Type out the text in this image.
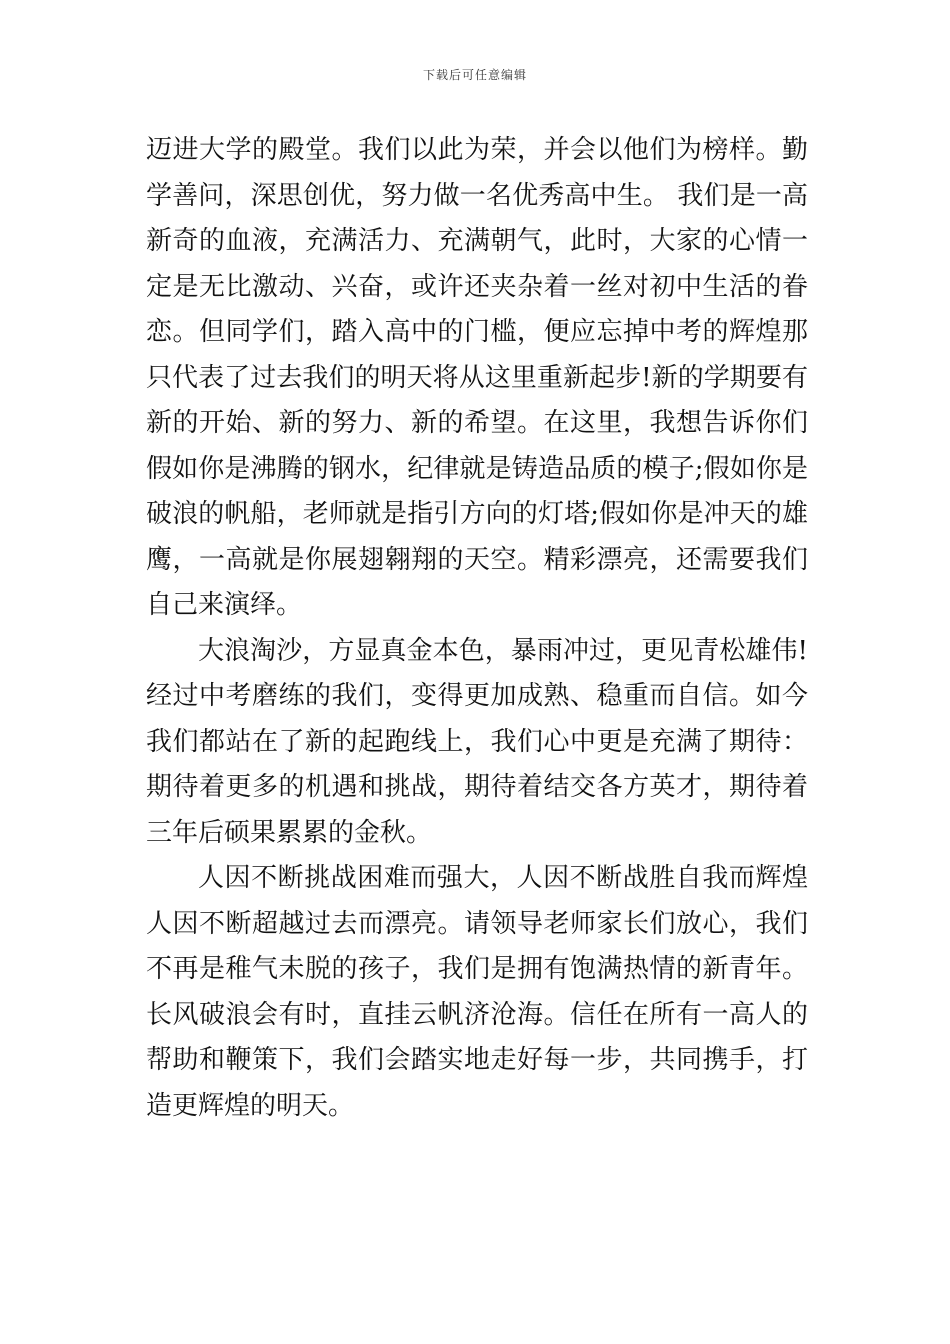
下载后可任意编辑

迈进大学的殿堂。我们以此为荣，并会以他们为榜样。勤学善问，深思创优，努力做一名优秀高中生。 我们是一高新奇的血液，充满活力、充满朝气，此时，大家的心情一定是无比激动、兴奋，或许还夹杂着一丝对初中生活的眷恋。但同学们，踏入高中的门槛，便应忘掉中考的辉煌那只代表了过去我们的明天将从这里重新起步!新的学期要有新的开始、新的努力、新的希望。在这里，我想告诉你们假如你是沸腾的钢水，纪律就是铸造品质的模子;假如你是破浪的帆船，老师就是指引方向的灯塔;假如你是冲天的雄鹰，一高就是你展翅翱翔的天空。精彩漂亮，还需要我们自己来演绎。

大浪淘沙，方显真金本色，暴雨冲过，更见青松雄伟!经过中考磨练的我们，变得更加成熟、稳重而自信。如今我们都站在了新的起跑线上，我们心中更是充满了期待：期待着更多的机遇和挑战，期待着结交各方英才，期待着三年后硕果累累的金秋。

人因不断挑战困难而强大，人因不断战胜自我而辉煌人因不断超越过去而漂亮。请领导老师家长们放心，我们不再是稚气未脱的孩子，我们是拥有饱满热情的新青年。长风破浪会有时，直挂云帆济沧海。信任在所有一高人的帮助和鞭策下，我们会踏实地走好每一步，共同携手，打造更辉煌的明天。
